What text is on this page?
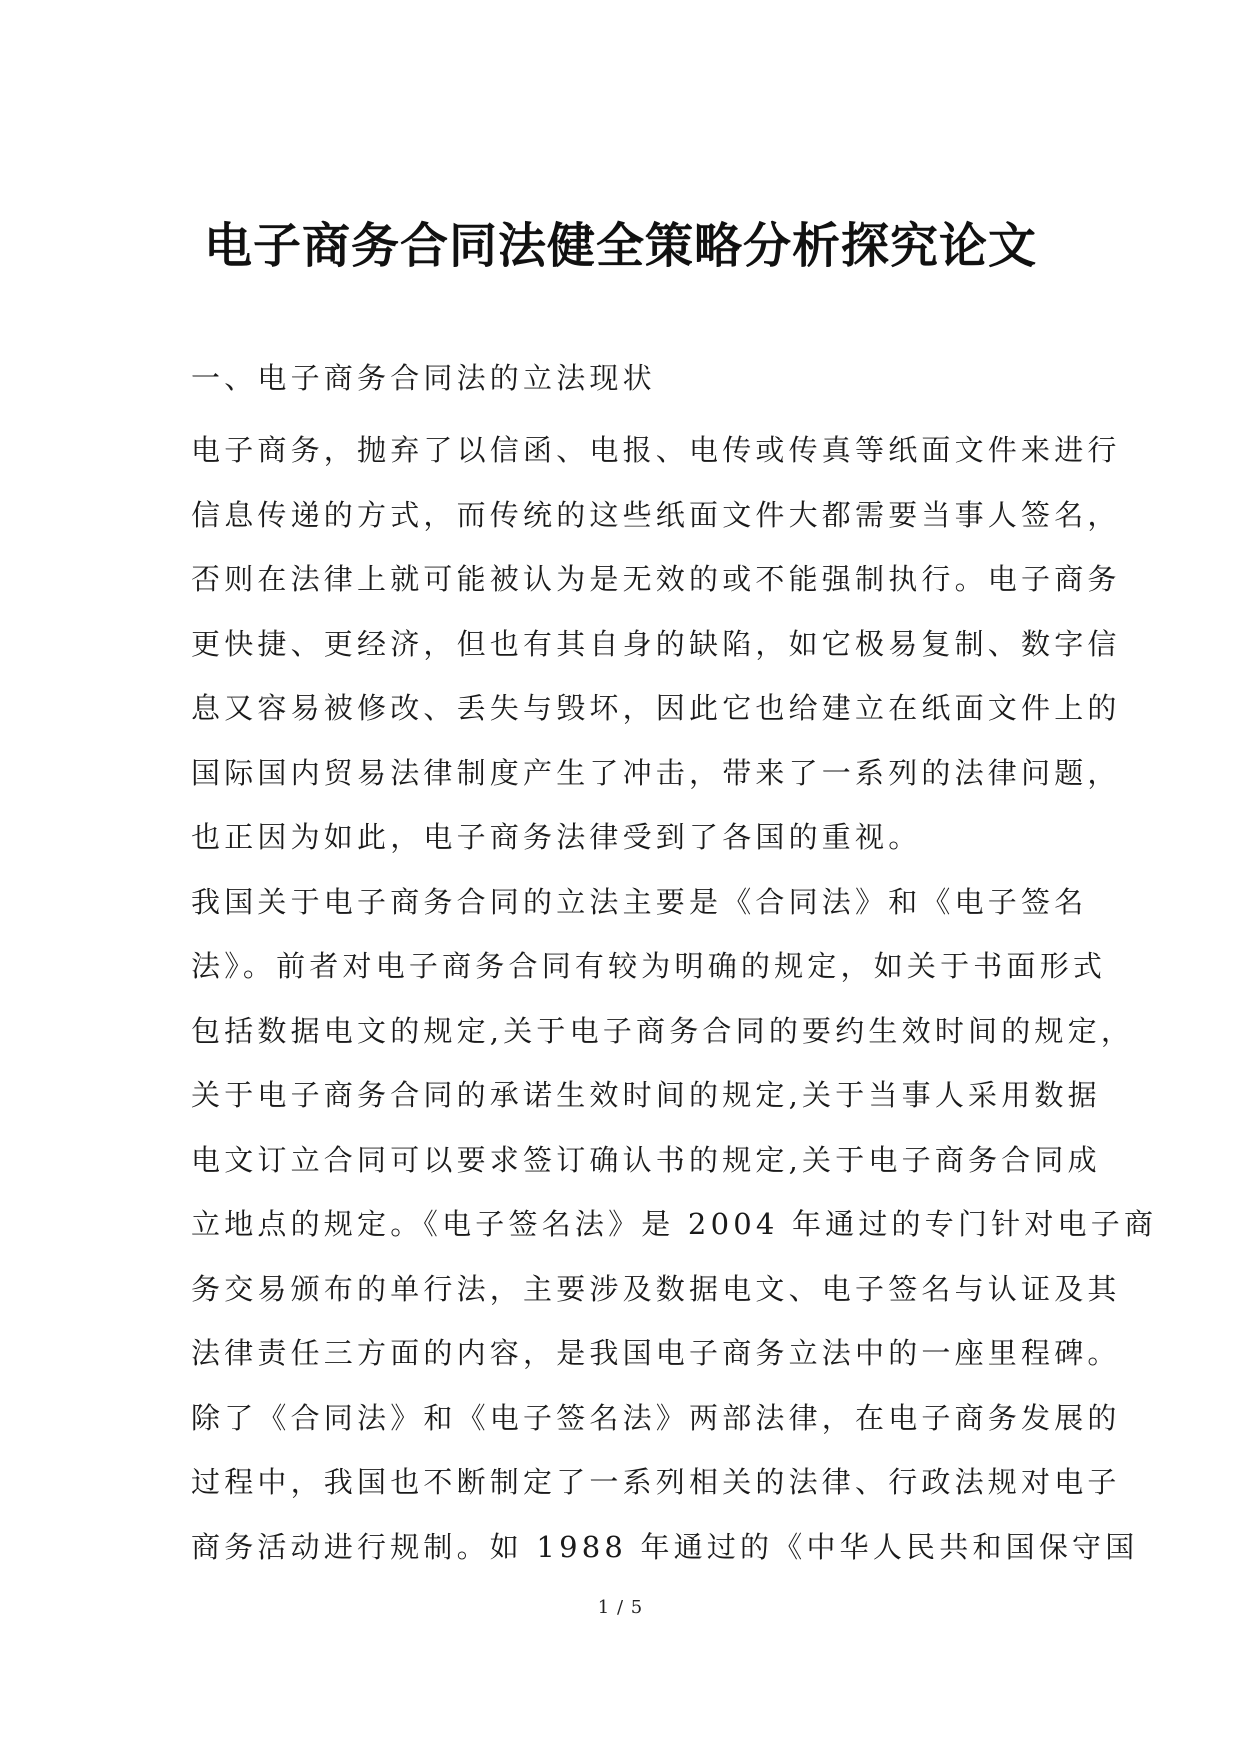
电子商务合同法健全策略分析探究论文
一、电子商务合同法的立法现状
电子商务，抛弃了以信函、电报、电传或传真等纸面文件来进行
信息传递的方式，而传统的这些纸面文件大都需要当事人签名，
否则在法律上就可能被认为是无效的或不能强制执行。电子商务
更快捷、更经济，但也有其自身的缺陷，如它极易复制、数字信
息又容易被修改、丢失与毁坏，因此它也给建立在纸面文件上的
国际国内贸易法律制度产生了冲击，带来了一系列的法律问题，
也正因为如此，电子商务法律受到了各国的重视。
我国关于电子商务合同的立法主要是《合同法》和《电子签名
法》。前者对电子商务合同有较为明确的规定，如关于书面形式
包括数据电文的规定,关于电子商务合同的要约生效时间的规定，
关于电子商务合同的承诺生效时间的规定,关于当事人采用数据
电文订立合同可以要求签订确认书的规定,关于电子商务合同成
立地点的规定。《电子签名法》是 2004 年通过的专门针对电子商
务交易颁布的单行法，主要涉及数据电文、电子签名与认证及其
法律责任三方面的内容，是我国电子商务立法中的一座里程碑。
除了《合同法》和《电子签名法》两部法律，在电子商务发展的
过程中，我国也不断制定了一系列相关的法律、行政法规对电子
商务活动进行规制。如 1988 年通过的《中华人民共和国保守国
1 / 5
